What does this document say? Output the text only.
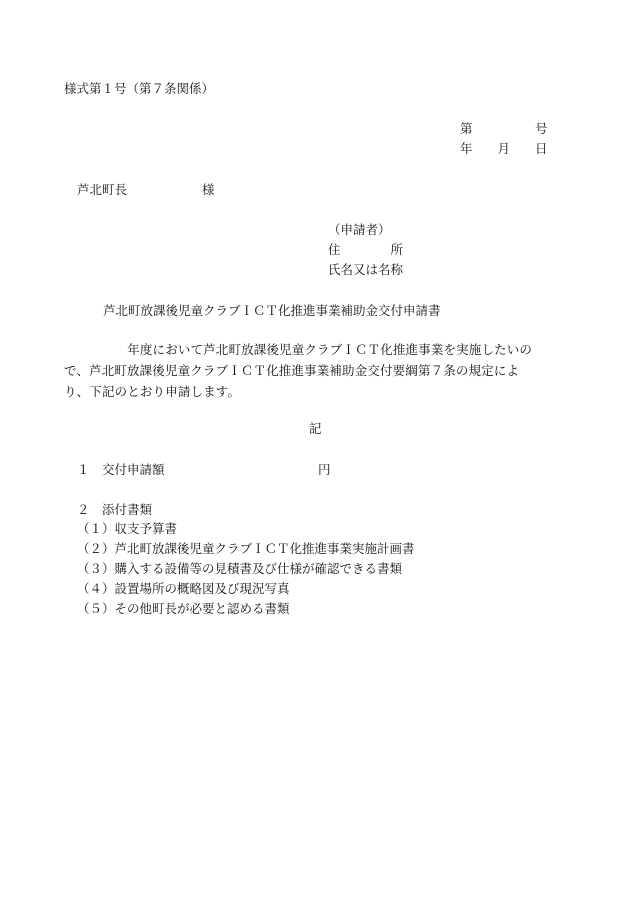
様式第１号（第７条関係）
第　　　　　号
年　　月　　日
芦北町長　　　　　　様
（申請者）
住　　　　所
氏名又は名称
芦北町放課後児童クラブＩＣＴ化推進事業補助金交付申請書
　　　　　年度において芦北町放課後児童クラブＩＣＴ化推進事業を実施したいの
で、芦北町放課後児童クラブＩＣＴ化推進事業補助金交付要綱第７条の規定によ
り、下記のとおり申請します。
記
１　交付申請額	円
２　添付書類
（１）収支予算書
（２）芦北町放課後児童クラブＩＣＴ化推進事業実施計画書
（３）購入する設備等の見積書及び仕様が確認できる書類
（４）設置場所の概略図及び現況写真
（５）その他町長が必要と認める書類
